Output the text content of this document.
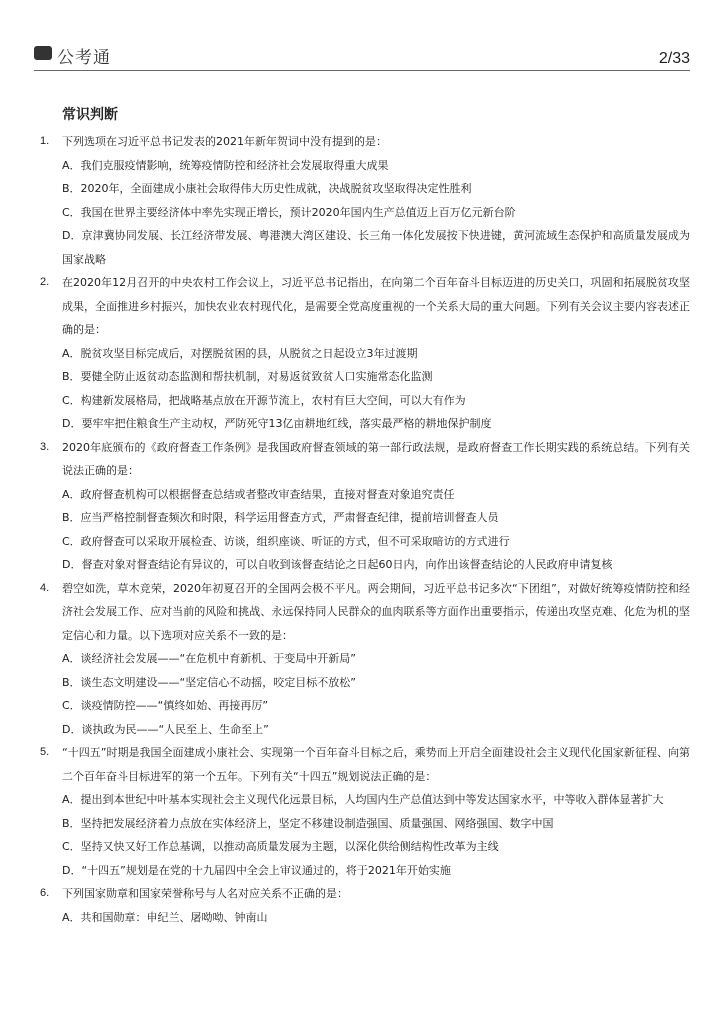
公考通	2/33
常识判断
1. 下列选项在习近平总书记发表的2021年新年贺词中没有提到的是：
A．我们克服疫情影响，统筹疫情防控和经济社会发展取得重大成果
B．2020年，全面建成小康社会取得伟大历史性成就，决战脱贫攻坚取得决定性胜利
C．我国在世界主要经济体中率先实现正增长，预计2020年国内生产总值迈上百万亿元新台阶
D．京津冀协同发展、长江经济带发展、粤港澳大湾区建设、长三角一体化发展按下快进键，黄河流域生态保护和高质量发展成为国家战略
2. 在2020年12月召开的中央农村工作会议上，习近平总书记指出，在向第二个百年奋斗目标迈进的历史关口，巩固和拓展脱贫攻坚成果，全面推进乡村振兴，加快农业农村现代化，是需要全党高度重视的一个关系大局的重大问题。下列有关会议主要内容表述正确的是：
A．脱贫攻坚目标完成后，对摆脱贫困的县，从脱贫之日起设立3年过渡期
B．要健全防止返贫动态监测和帮扶机制，对易返贫致贫人口实施常态化监测
C．构建新发展格局，把战略基点放在开源节流上，农村有巨大空间，可以大有作为
D．要牢牢把住粮食生产主动权，严防死守13亿亩耕地红线，落实最严格的耕地保护制度
3. 2020年底颁布的《政府督查工作条例》是我国政府督查领域的第一部行政法规，是政府督查工作长期实践的系统总结。下列有关说法正确的是：
A．政府督查机构可以根据督查总结或者整改审查结果，直接对督查对象追究责任
B．应当严格控制督查频次和时限，科学运用督查方式，严肃督查纪律，提前培训督查人员
C．政府督查可以采取开展检查、访谈，组织座谈、听证的方式，但不可采取暗访的方式进行
D．督查对象对督查结论有异议的，可以自收到该督查结论之日起60日内，向作出该督查结论的人民政府申请复核
4. 碧空如洗，草木竞荣，2020年初夏召开的全国两会极不平凡。两会期间，习近平总书记多次“下团组”，对做好统筹疫情防控和经济社会发展工作、应对当前的风险和挑战、永远保持同人民群众的血肉联系等方面作出重要指示，传递出攻坚克难、化危为机的坚定信心和力量。以下选项对应关系不一致的是：
A．谈经济社会发展——“在危机中育新机、于变局中开新局”
B．谈生态文明建设——“坚定信心不动摇，咬定目标不放松”
C．谈疫情防控——“慎终如始、再接再厉”
D．谈执政为民——“人民至上、生命至上”
5. “十四五”时期是我国全面建成小康社会、实现第一个百年奋斗目标之后，乘势而上开启全面建设社会主义现代化国家新征程、向第二个百年奋斗目标进军的第一个五年。下列有关“十四五”规划说法正确的是：
A．提出到本世纪中叶基本实现社会主义现代化远景目标，人均国内生产总值达到中等发达国家水平，中等收入群体显著扩大
B．坚持把发展经济着力点放在实体经济上，坚定不移建设制造强国、质量强国、网络强国、数字中国
C．坚持又快又好工作总基调，以推动高质量发展为主题，以深化供给侧结构性改革为主线
D．“十四五”规划是在党的十九届四中全会上审议通过的，将于2021年开始实施
6. 下列国家勋章和国家荣誉称号与人名对应关系不正确的是：
A．共和国勋章：申纪兰、屠呦呦、钟南山
